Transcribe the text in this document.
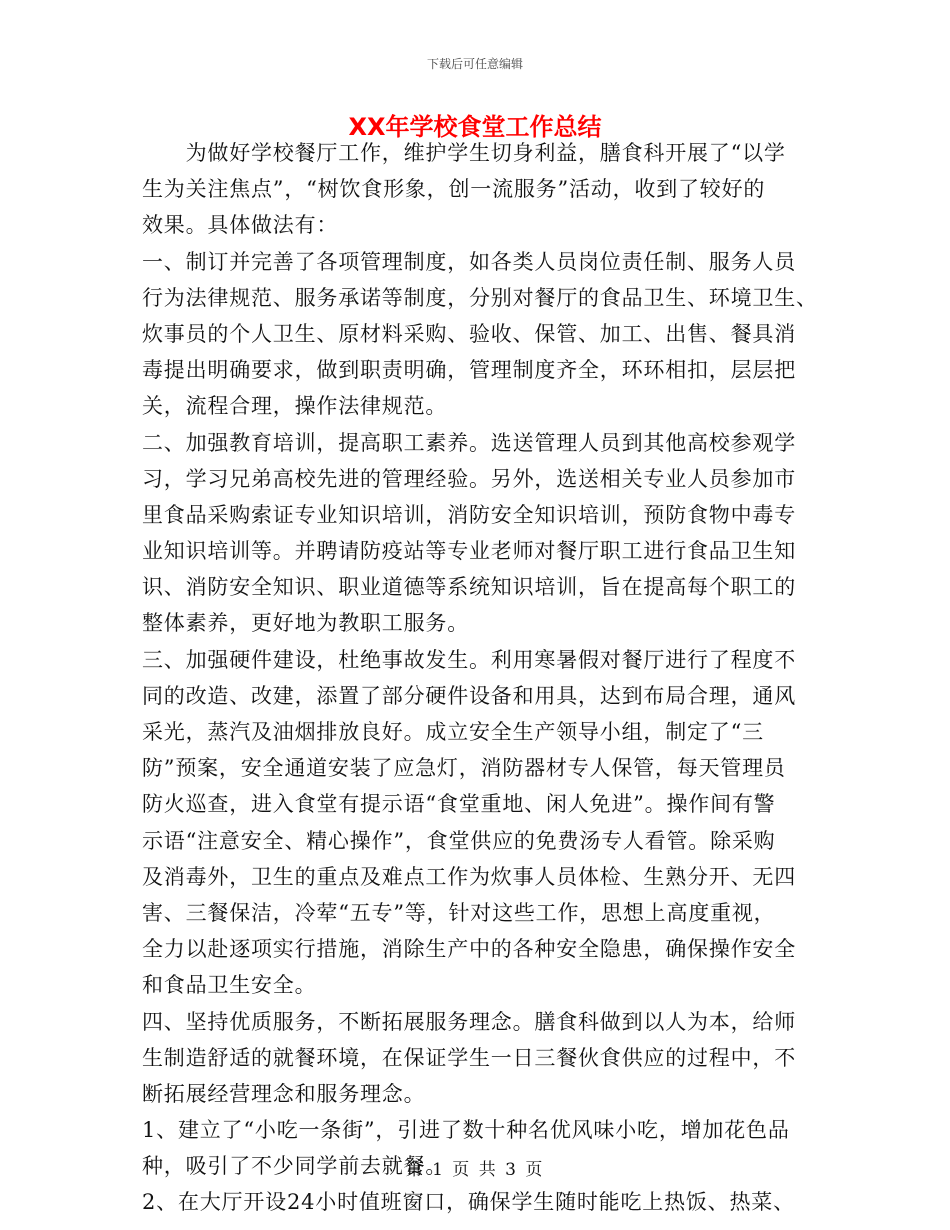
下载后可任意编辑
XX年学校食堂工作总结
　　为做好学校餐厅工作，维护学生切身利益，膳食科开展了“以学
生为关注焦点”，“树饮食形象，创一流服务”活动，收到了较好的
效果。具体做法有：
一、制订并完善了各项管理制度，如各类人员岗位责任制、服务人员
行为法律规范、服务承诺等制度，分别对餐厅的食品卫生、环境卫生、
炊事员的个人卫生、原材料采购、验收、保管、加工、出售、餐具消
毒提出明确要求，做到职责明确，管理制度齐全，环环相扣，层层把
关，流程合理，操作法律规范。
二、加强教育培训，提高职工素养。选送管理人员到其他高校参观学
习，学习兄弟高校先进的管理经验。另外，选送相关专业人员参加市
里食品采购索证专业知识培训，消防安全知识培训，预防食物中毒专
业知识培训等。并聘请防疫站等专业老师对餐厅职工进行食品卫生知
识、消防安全知识、职业道德等系统知识培训，旨在提高每个职工的
整体素养，更好地为教职工服务。
三、加强硬件建设，杜绝事故发生。利用寒暑假对餐厅进行了程度不
同的改造、改建，添置了部分硬件设备和用具，达到布局合理，通风
采光，蒸汽及油烟排放良好。成立安全生产领导小组，制定了“三
防”预案，安全通道安装了应急灯，消防器材专人保管，每天管理员
防火巡查，进入食堂有提示语“食堂重地、闲人免进”。操作间有警
示语“注意安全、精心操作”，食堂供应的免费汤专人看管。除采购
及消毒外，卫生的重点及难点工作为炊事人员体检、生熟分开、无四
害、三餐保洁，冷荤“五专”等，针对这些工作，思想上高度重视，
全力以赴逐项实行措施，消除生产中的各种安全隐患，确保操作安全
和食品卫生安全。
四、坚持优质服务，不断拓展服务理念。膳食科做到以人为本，给师
生制造舒适的就餐环境，在保证学生一日三餐伙食供应的过程中，不
断拓展经营理念和服务理念。
1、建立了“小吃一条街”，引进了数十种名优风味小吃，增加花色品
种，吸引了不少同学前去就餐。
2、在大厅开设24小时值班窗口，确保学生随时能吃上热饭、热菜、
第 1 页 共 3 页
